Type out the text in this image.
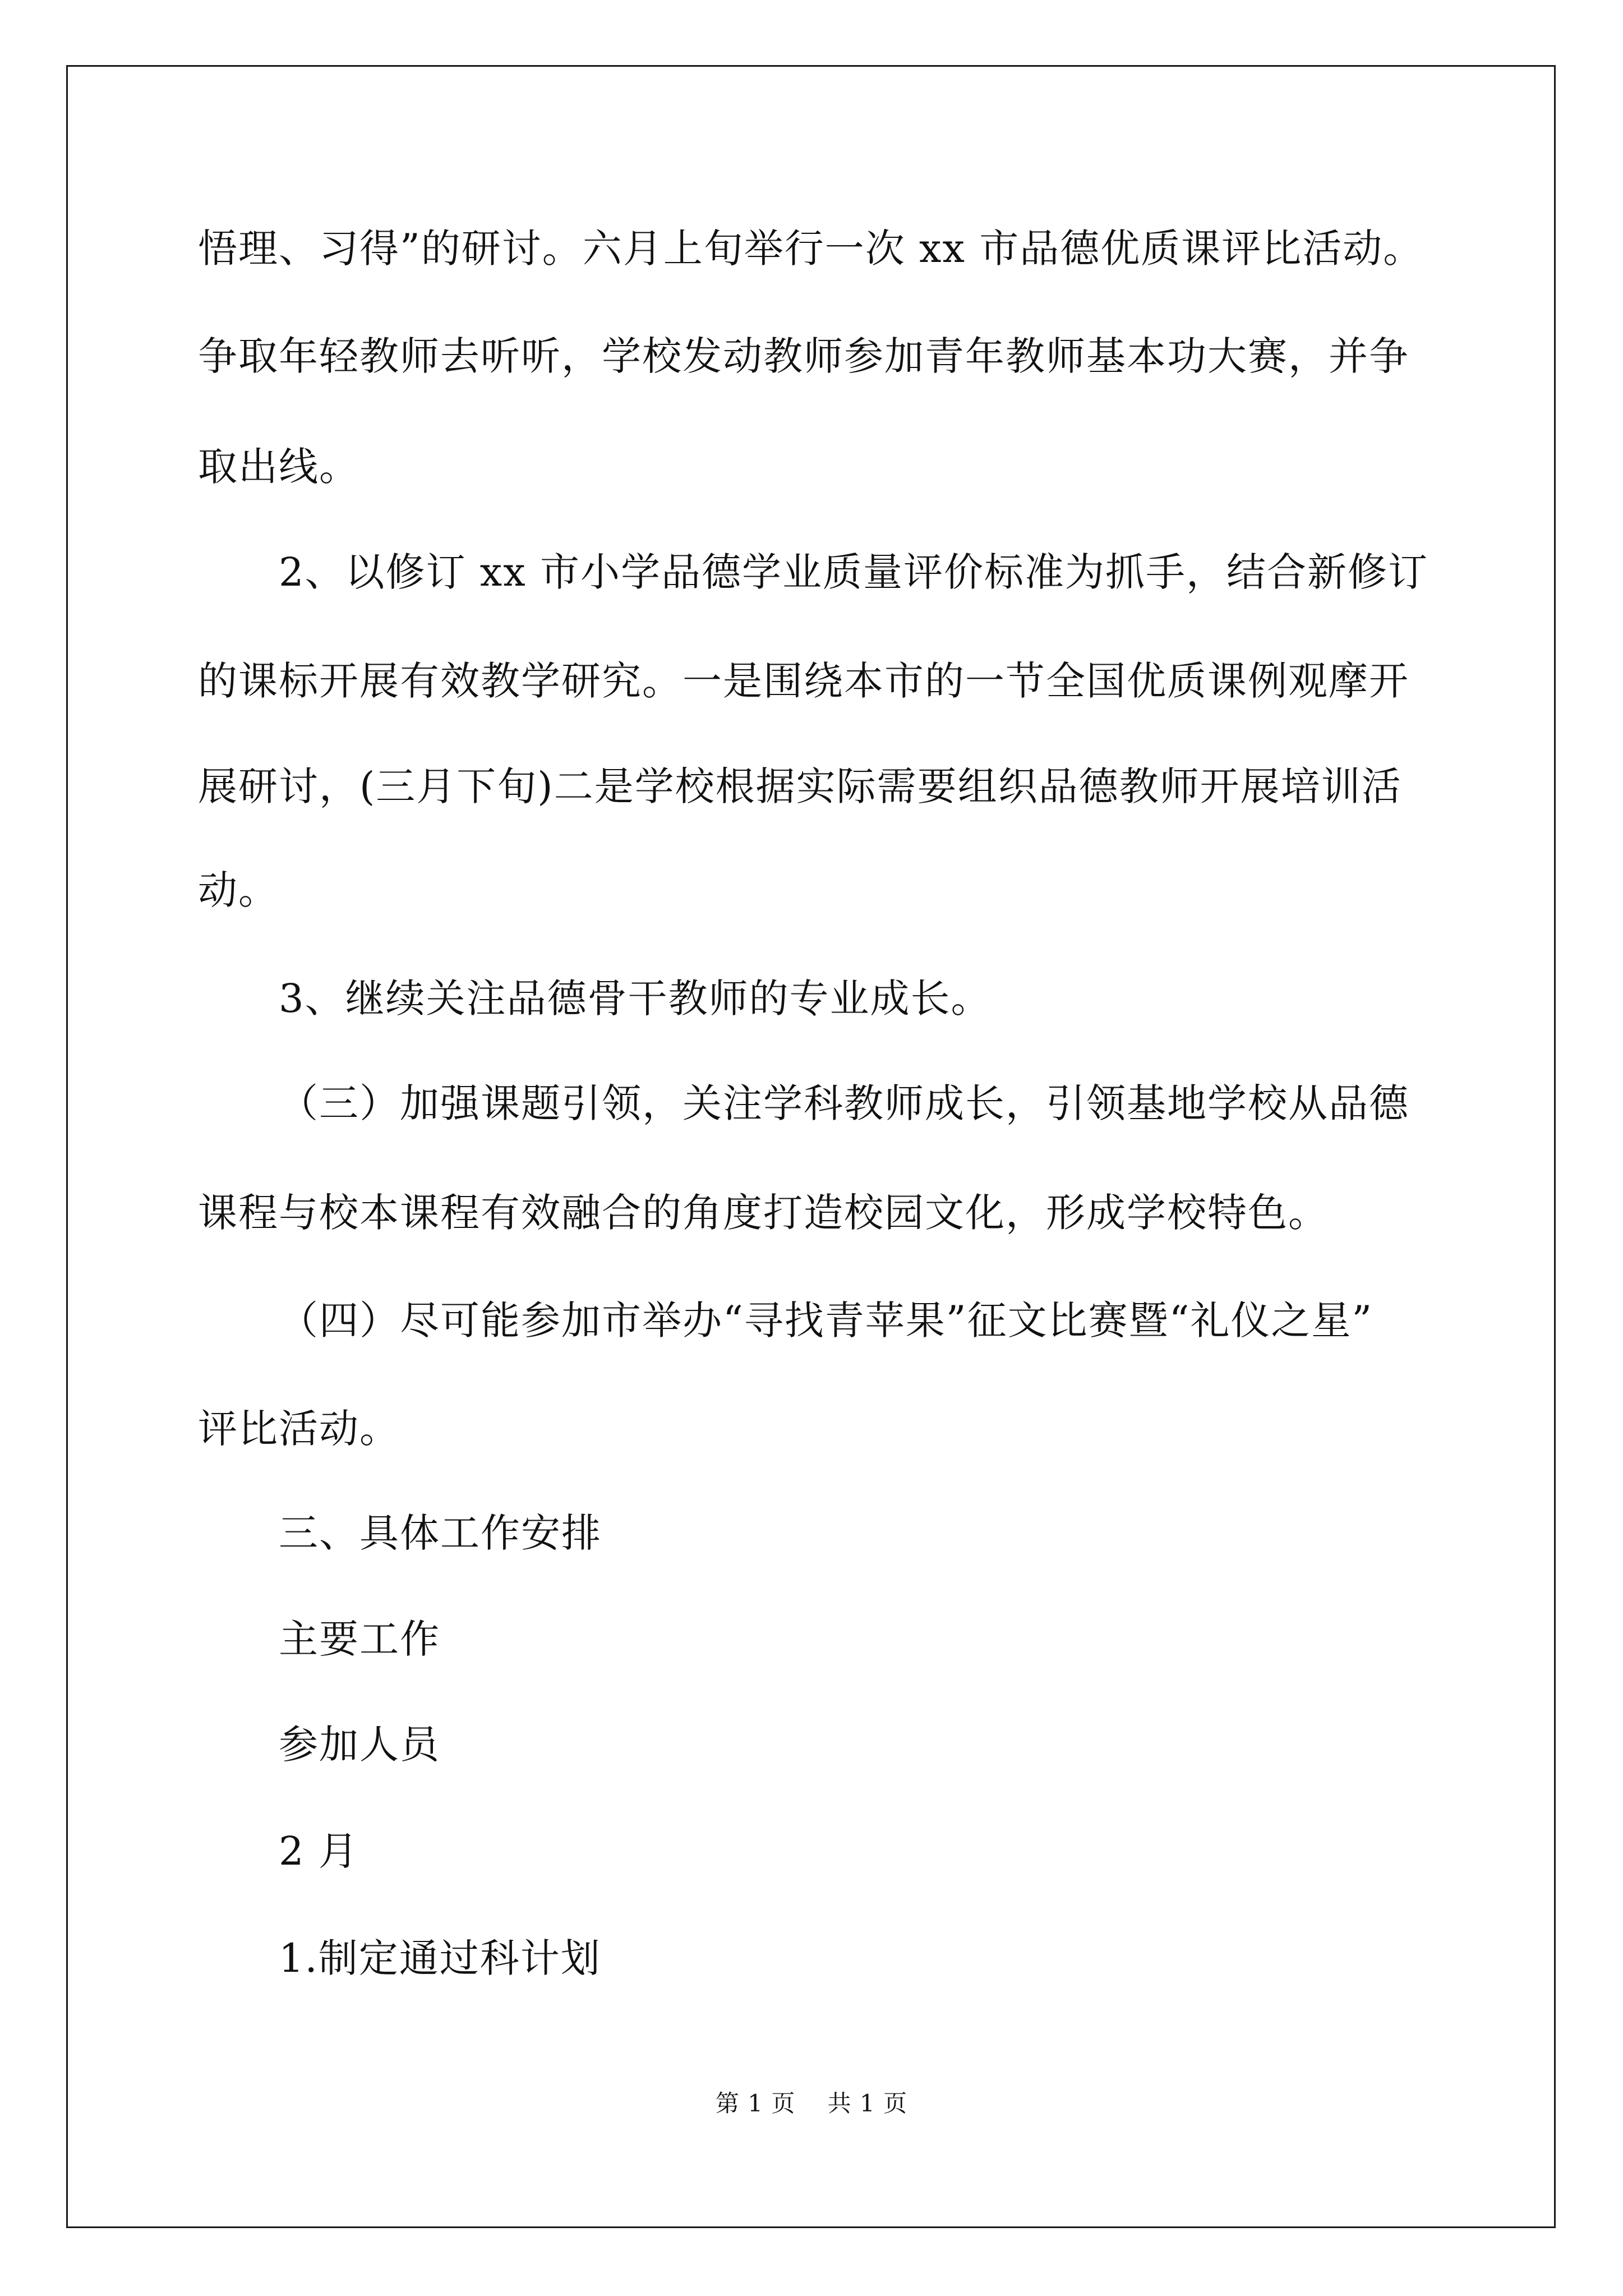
悟理、习得”的研讨。六月上旬举行一次 xx 市品德优质课评比活动。
争取年轻教师去听听，学校发动教师参加青年教师基本功大赛，并争
取出线。
2、以修订 xx 市小学品德学业质量评价标准为抓手，结合新修订
的课标开展有效教学研究。一是围绕本市的一节全国优质课例观摩开
展研讨，(三月下旬)二是学校根据实际需要组织品德教师开展培训活
动。
3、继续关注品德骨干教师的专业成长。
（三）加强课题引领，关注学科教师成长，引领基地学校从品德
课程与校本课程有效融合的角度打造校园文化，形成学校特色。
（四）尽可能参加市举办“寻找青苹果”征文比赛暨“礼仪之星”
评比活动。
三、具体工作安排
主要工作
参加人员
2 月
1.制定通过科计划
第 1 页　 共 1 页
